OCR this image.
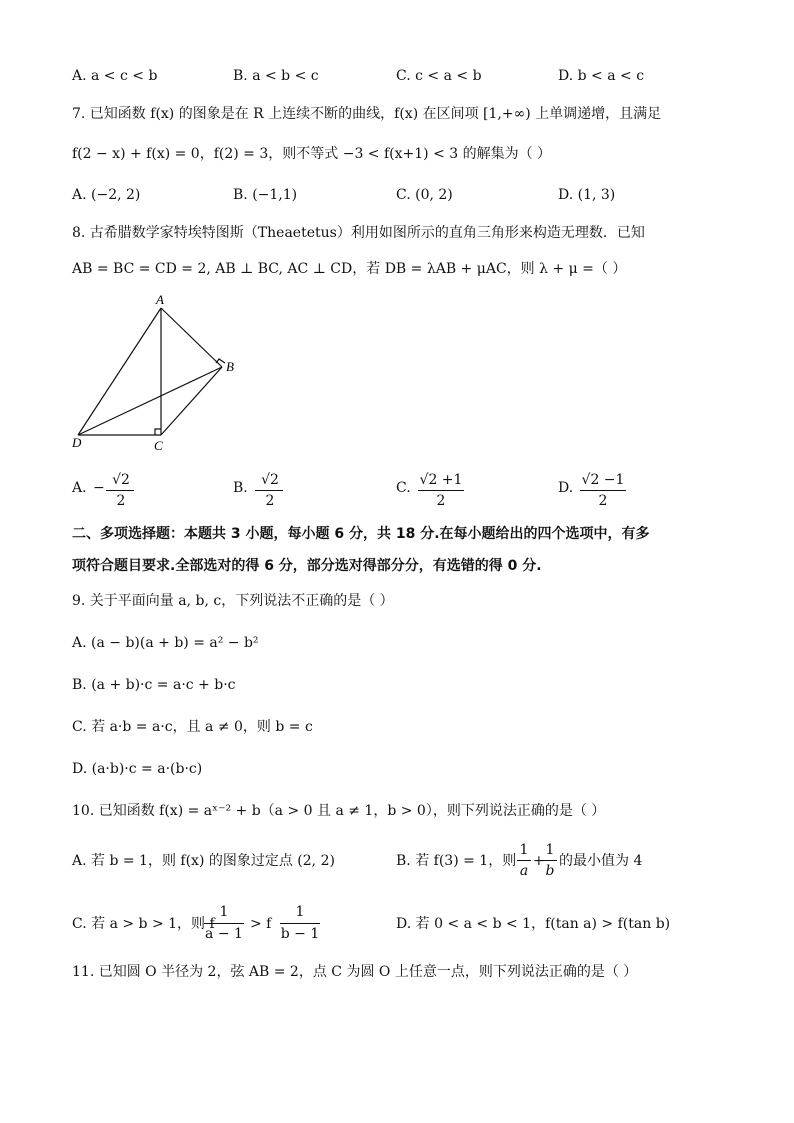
A. a < c < b	B. a < b < c	C. c < a < b	D. b < a < c
7. 已知函数 f(x) 的图象是在 R 上连续不断的曲线，f(x) 在区间项 [1,+∞) 上单调递增，且满足
f(2 − x) + f(x) = 0，f(2) = 3，则不等式 −3 < f(x+1) < 3 的解集为（ ）
A. (−2, 2)	B. (−1,1)	C. (0, 2)	D. (1, 3)
8. 古希腊数学家特埃特图斯（Theaetetus）利用如图所示的直角三角形来构造无理数．已知
AB = BC = CD = 2, AB ⊥ BC, AC ⊥ CD，若 DB = λAB + μAC，则 λ + μ =（ ）
A
B
C
D
A. − √2
2
B. √2
2
C. √2 +1
2
D. √2 −1
2
二、多项选择题：本题共 3 小题，每小题 6 分，共 18 分.在每小题给出的四个选项中，有多
项符合题目要求.全部选对的得 6 分，部分选对得部分分，有选错的得 0 分.
9. 关于平面向量 a, b, c，下列说法不正确的是（ ）
A. (a − b)(a + b) = a² − b²
B. (a + b)·c = a·c + b·c
C. 若 a·b = a·c，且 a ≠ 0，则 b = c
D. (a·b)·c = a·(b·c)
10. 已知函数 f(x) = aˣ⁻² + b（a > 0 且 a ≠ 1，b > 0），则下列说法正确的是（ ）
A. 若 b = 1，则 f(x) 的图象过定点 (2, 2)	B. 若 f(3) = 1，则
1
a
+
1
b
的最小值为 4
C. 若 a > b > 1，则 f
1
a − 1
> f
1
b − 1
D. 若 0 < a < b < 1，f(tan a) > f(tan b)
11. 已知圆 O 半径为 2，弦 AB = 2，点 C 为圆 O 上任意一点，则下列说法正确的是（ ）
